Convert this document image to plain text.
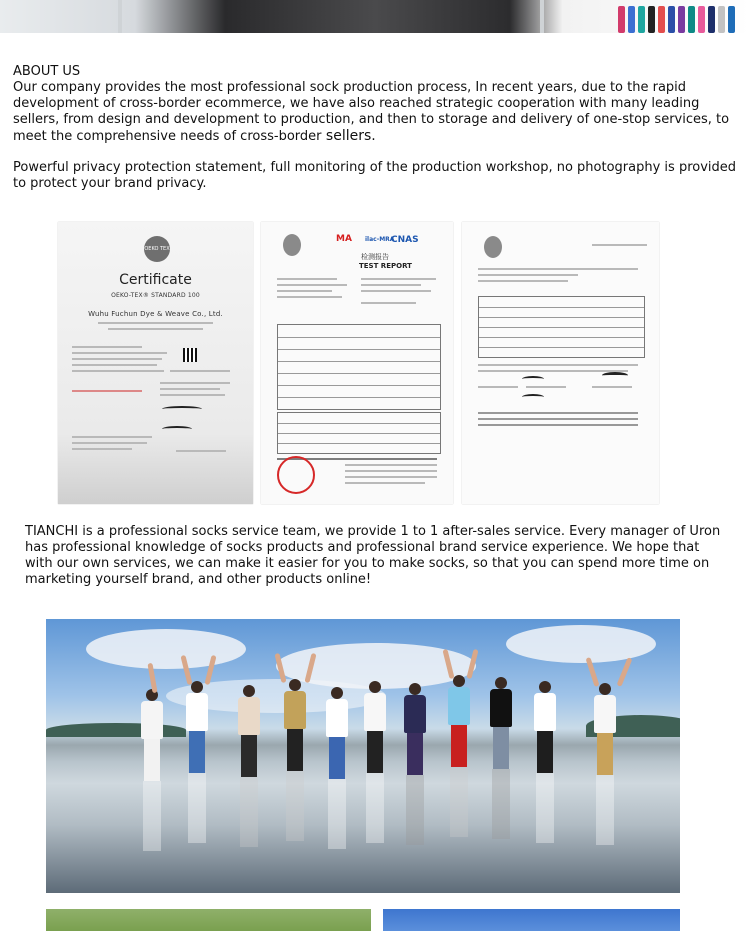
ABOUT US
Our company provides the most professional sock production process, In recent years, due to the rapid development of cross-border ecommerce, we have also reached strategic cooperation with many leading sellers, from design and development to production, and then to storage and delivery of one-stop services, to meet the comprehensive needs of cross-border sellers.
Powerful privacy protection statement, full monitoring of the production workshop, no photography is provided to protect your brand privacy.
OEKO TEX
Certificate
OEKO-TEX® STANDARD 100
Wuhu Fuchun Dye & Weave Co., Ltd.
MA ilac-MRA
CNAS
检测报告
TEST REPORT
TIANCHI is a professional socks service team, we provide 1 to 1 after-sales service. Every manager of Uron has professional knowledge of socks products and professional brand service experience. We hope that with our own services, we can make it easier for you to make socks, so that you can spend more time on marketing yourself brand, and other products online!
